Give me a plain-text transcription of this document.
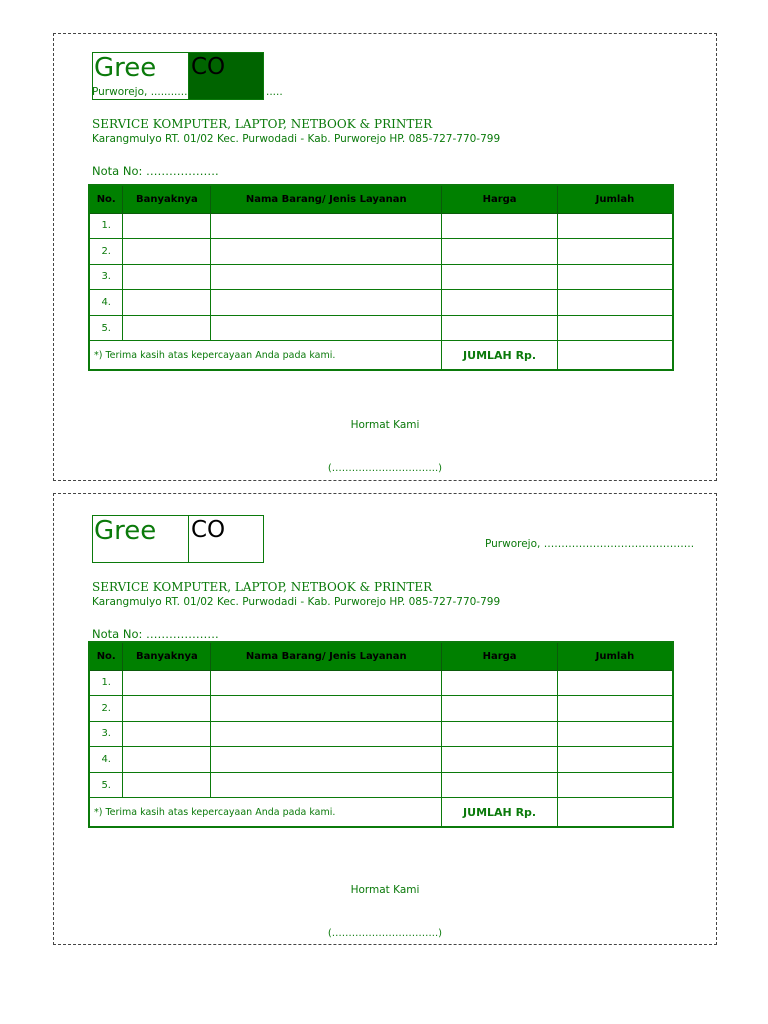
Gree CO
Purworejo, ...........	.....
SERVICE KOMPUTER, LAPTOP, NETBOOK & PRINTER
Karangmulyo RT. 01/02 Kec. Purwodadi - Kab. Purworejo HP. 085-727-770-799
Nota No: ……………….
No.	Banyaknya	Nama Barang/ Jenis Layanan	Harga	Jumlah
1.				
2.				
3.				
4.				
5.				
*) Terima kasih atas kepercayaan Anda pada kami.			JUMLAH Rp.	
Hormat Kami
(…………………………..)
Gree CO
Purworejo, …………………………………….
SERVICE KOMPUTER, LAPTOP, NETBOOK & PRINTER
Karangmulyo RT. 01/02 Kec. Purwodadi - Kab. Purworejo HP. 085-727-770-799
Nota No: ……………….
No.	Banyaknya	Nama Barang/ Jenis Layanan	Harga	Jumlah
1.				
2.				
3.				
4.				
5.				
*) Terima kasih atas kepercayaan Anda pada kami.			JUMLAH Rp.	
Hormat Kami
(…………………………..)
